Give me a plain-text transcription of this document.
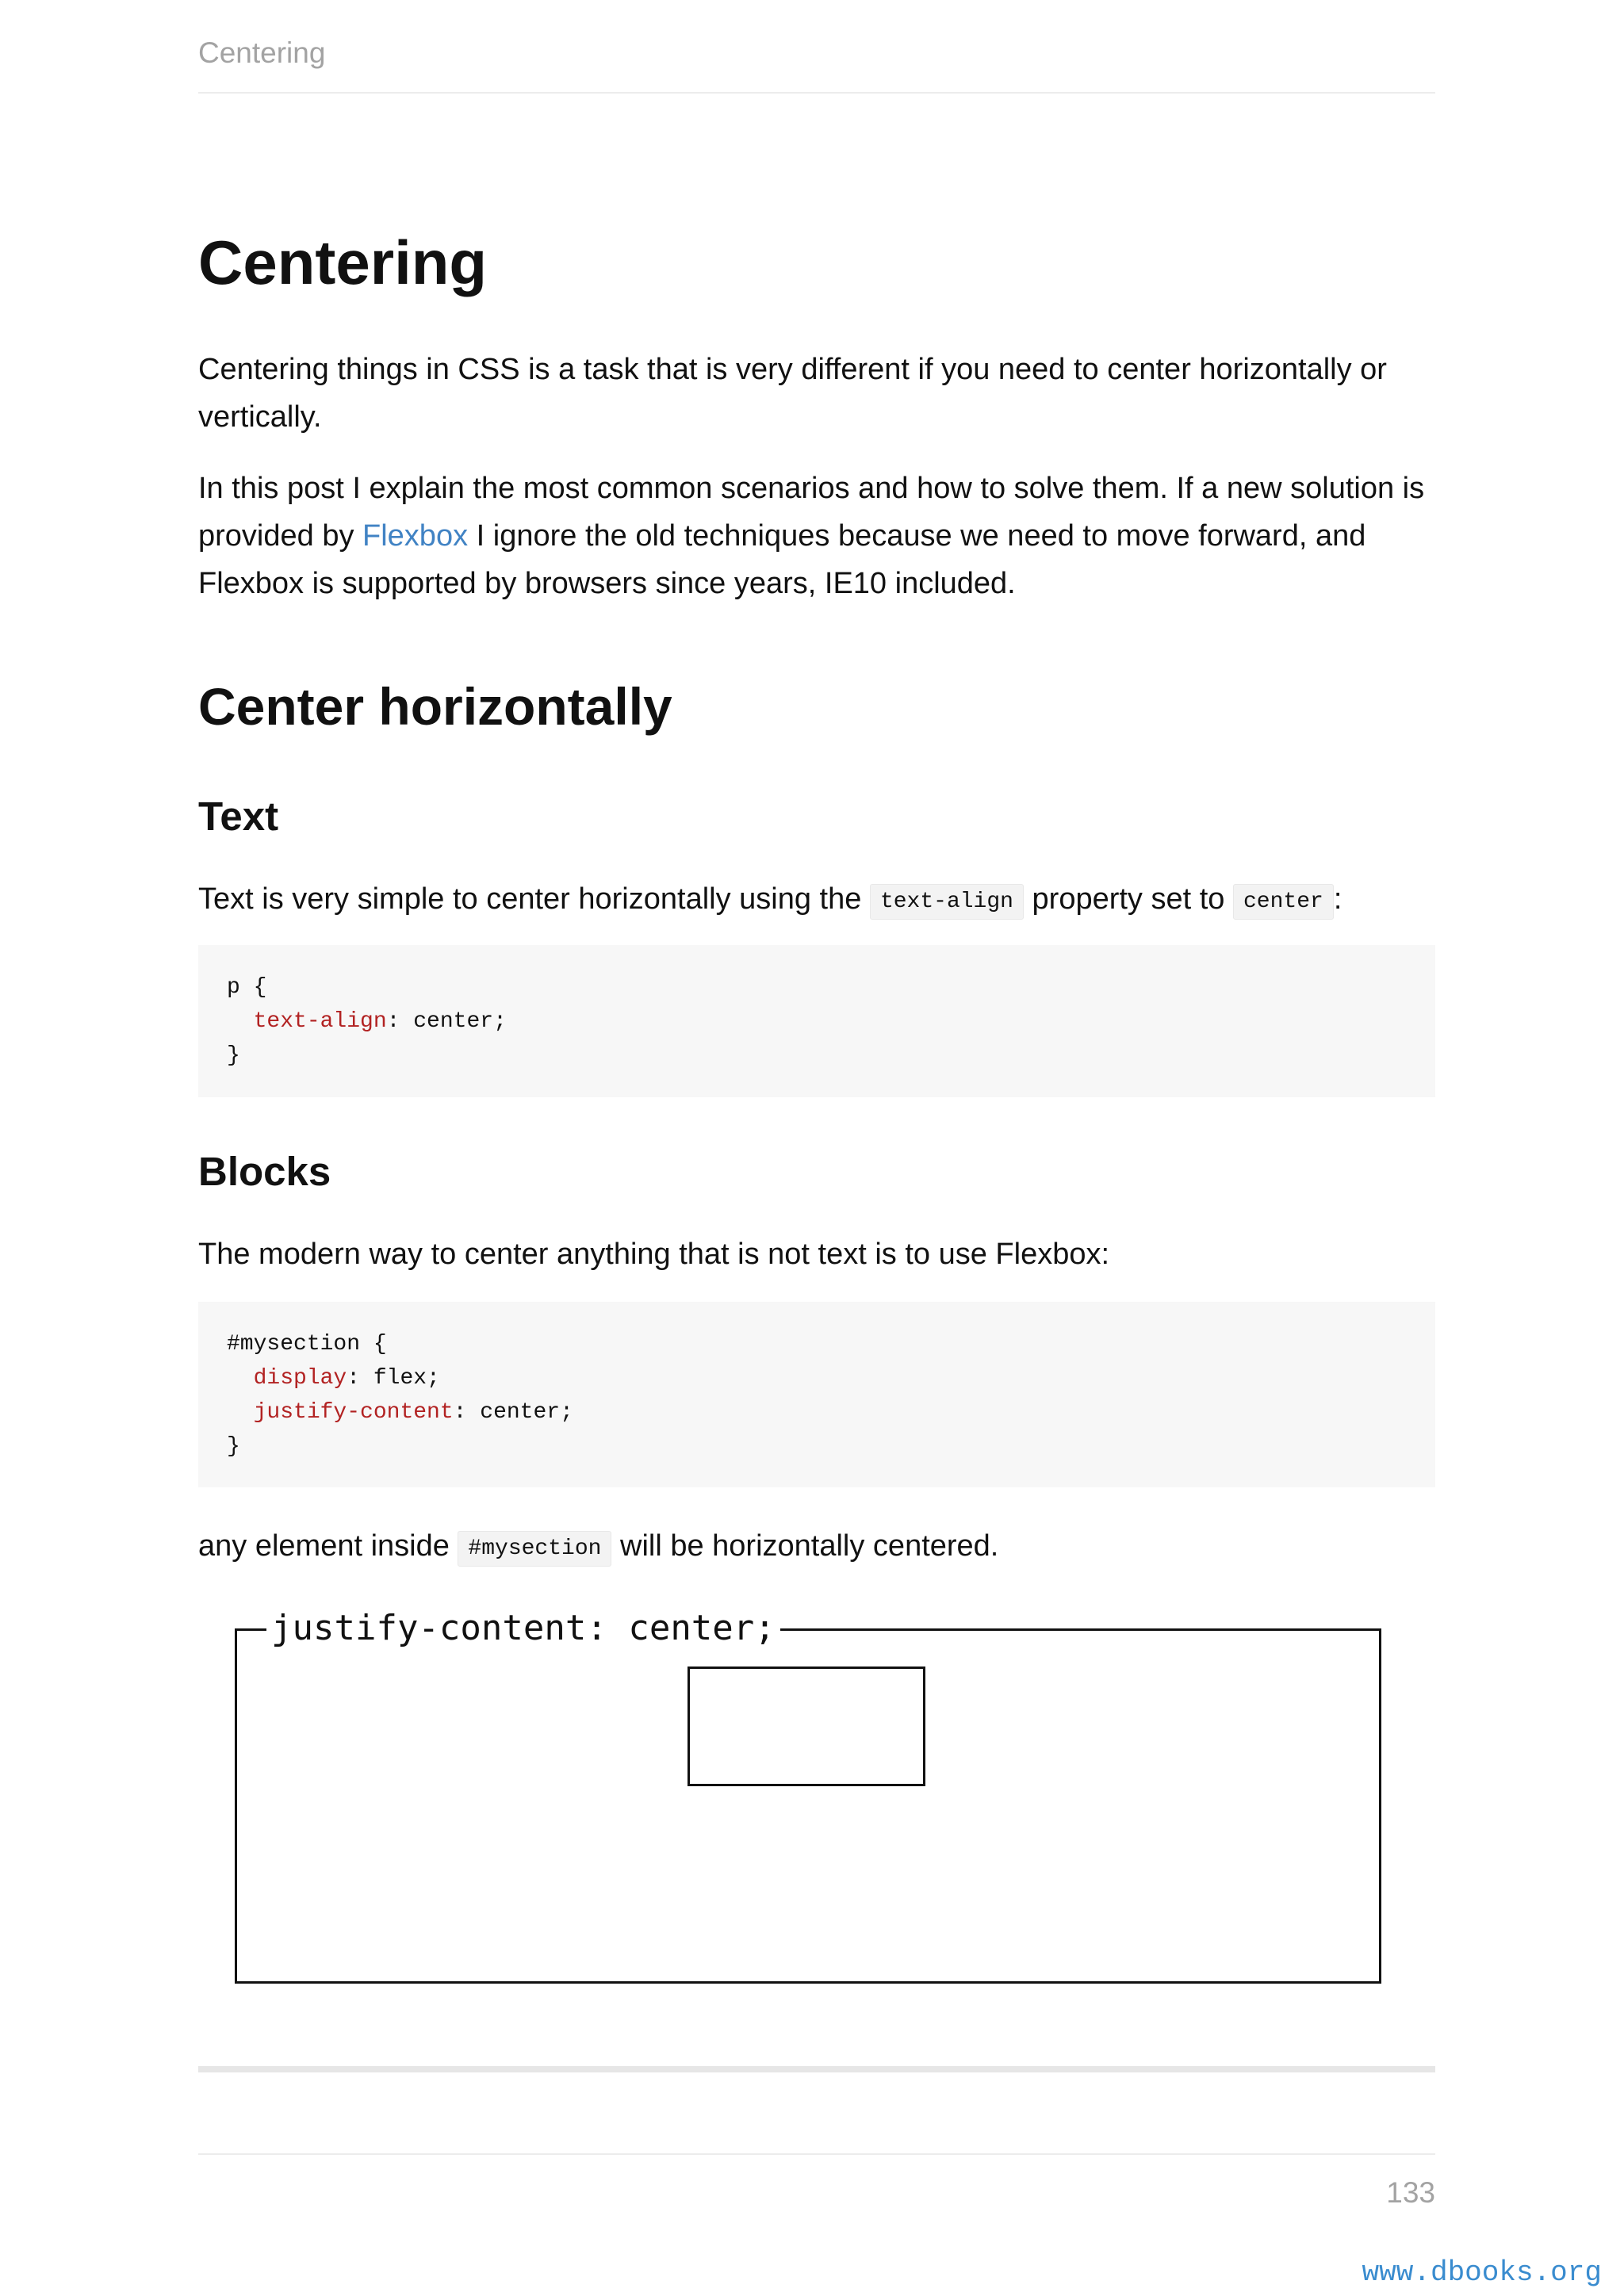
Centering
Centering

Centering things in CSS is a task that is very different if you need to center horizontally or vertically.

In this post I explain the most common scenarios and how to solve them. If a new solution is provided by Flexbox I ignore the old techniques because we need to move forward, and Flexbox is supported by browsers since years, IE10 included.

Center horizontally
Text

Text is very simple to center horizontally using the text-align property set to center :

p {
text-align: center;
}
Blocks

The modern way to center anything that is not text is to use Flexbox:

#mysection {
display: flex;
justify-content: center;
}

any element inside #mysection will be horizontally centered.

justify-content: center;
133
www.dbooks.org
